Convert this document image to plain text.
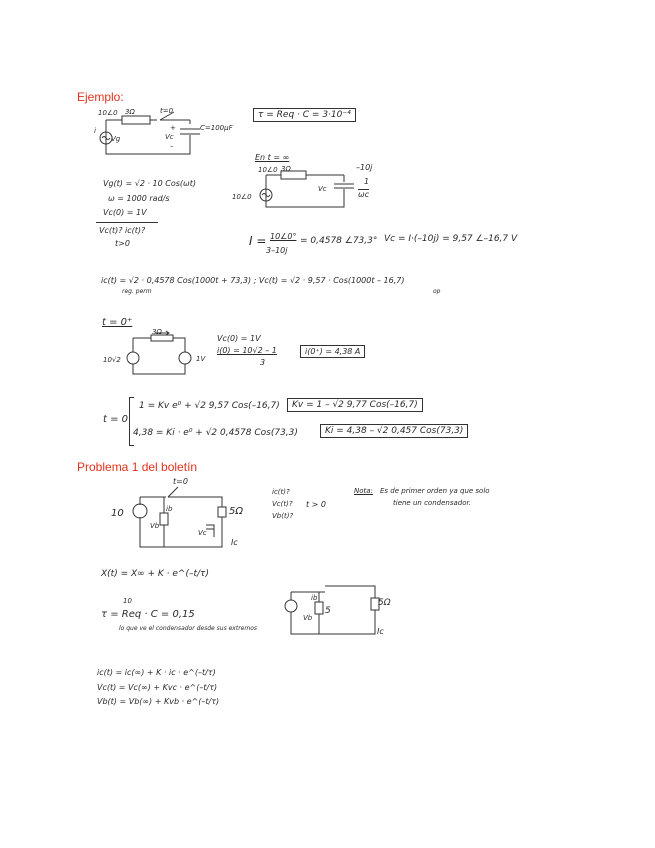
Ejemplo:
10∠0 3Ω	t=0
C=100μF
+
Vc
–
Vg
i
τ = Req · C = 3·10⁻⁴
Vg(t) = √2 · 10 Cos(ωt)
ω = 1000 rad/s
Vc(0) = 1V
Vc(t)? ic(t)?
t>0
En t = ∞
10∠0 3Ω	–10j
1
ωc
Vc
10∠0
I = 10∠0°
3–10j
= 0,4578 ∠73,3° Vc = I·(–10j) = 9,57 ∠–16,7 V
ic(t) = √2 · 0,4578 Cos(1000t + 73,3) ; Vc(t) = √2 · 9,57 · Cos(1000t – 16,7)
reg. perm	op
t = 0⁺
3Ω
10√2	1V
Vc(0) = 1V
i(0) = 10√2 – 1
3
i(0⁺) = 4,38 A
t = 0
1 = Kv e⁰ + √2 9,57 Cos(–16,7)	Kv = 1 – √2 9,77 Cos(–16,7)
4,38 = Ki · e⁰ + √2 0,4578 Cos(73,3)	Ki = 4,38 – √2 0,457 Cos(73,3)
Problema 1 del boletín
t=0
5Ω
10	ib
Vb
Vc
Ic
ic(t)?
Vc(t)?
Vb(t)?
t > 0
Nota: Es de primer orden ya que solo
tiene un condensador.
X(t) = X∞ + K · e^(–t/τ)
10
τ = Req · C = 0,15
lo que ve el condensador desde sus extremos
5
5Ω
ib
Vb
Ic
ic(t) = ic(∞) + K · ic · e^(–t/τ)
Vc(t) = Vc(∞) + Kvc · e^(–t/τ)
Vb(t) = Vb(∞) + Kvb · e^(–t/τ)
